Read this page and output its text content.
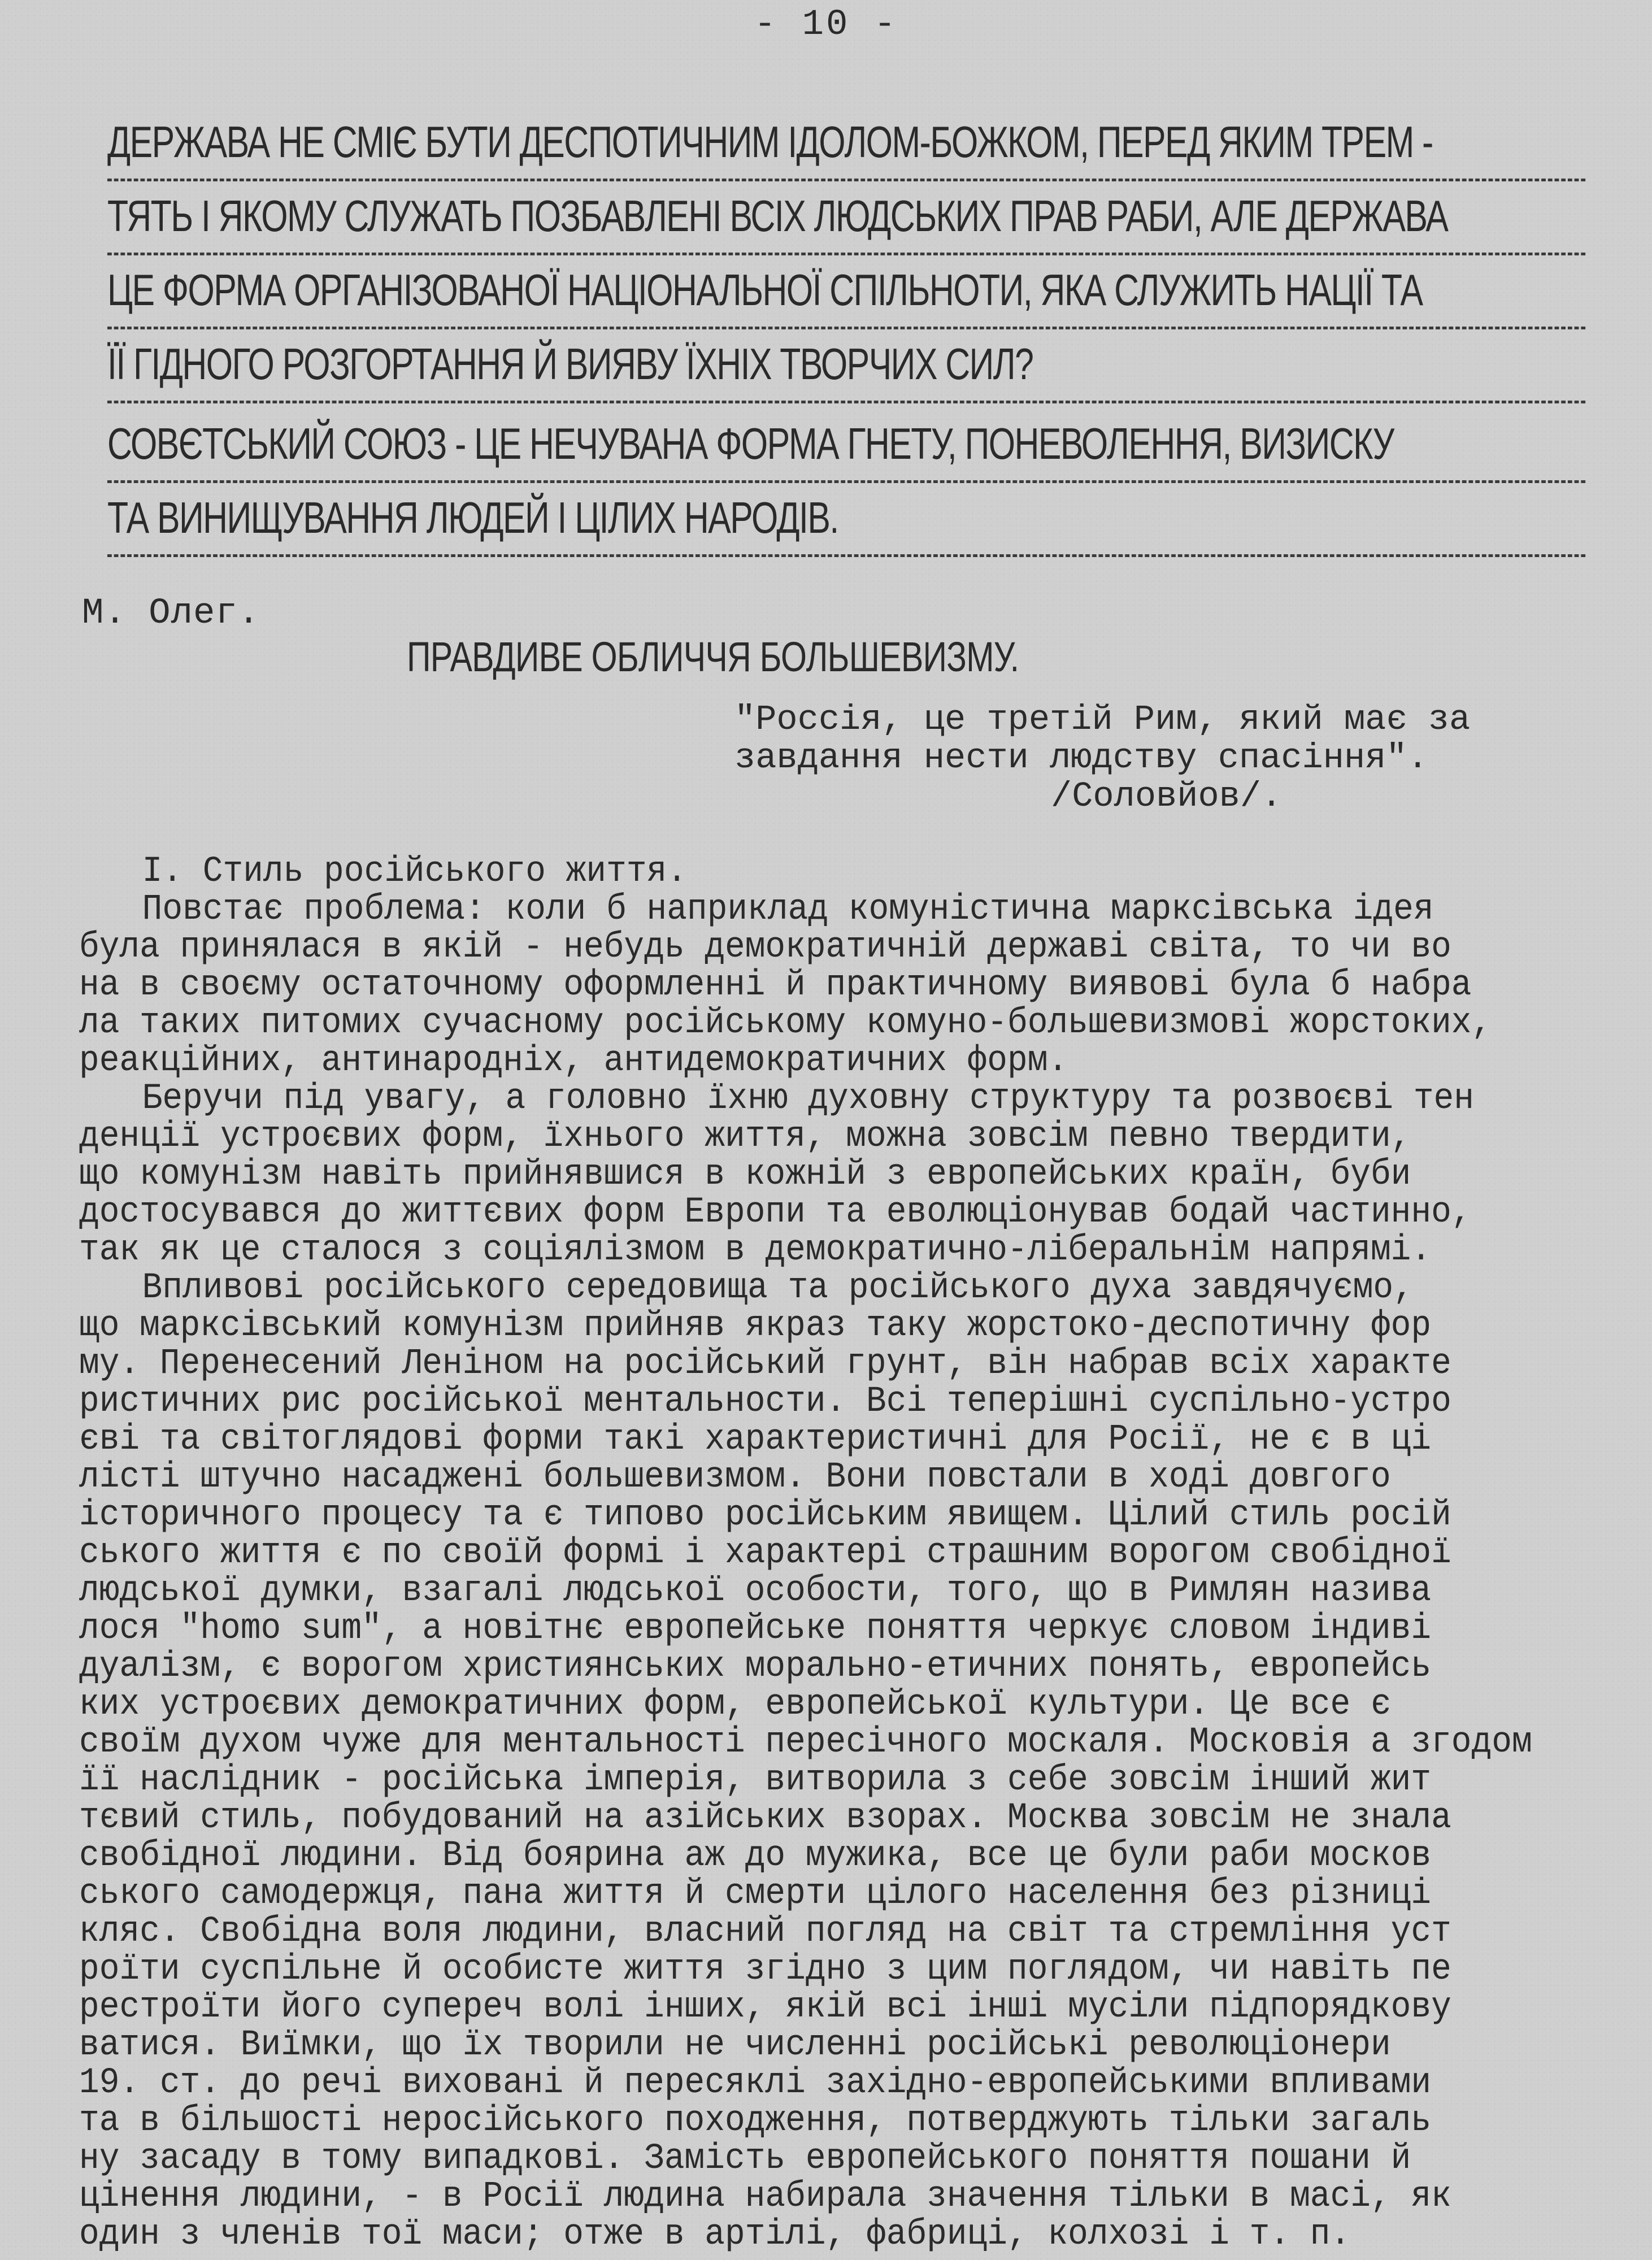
- 10 -
ДЕРЖАВА НЕ СМІЄ БУТИ ДЕСПОТИЧНИМ ІДОЛОМ-БОЖКОМ, ПЕРЕД ЯКИМ ТРЕМ -
ТЯТЬ І ЯКОМУ СЛУЖАТЬ ПОЗБАВЛЕНІ ВСІХ ЛЮДСЬКИХ ПРАВ РАБИ, АЛЕ ДЕРЖАВА
ЦЕ ФОРМА ОРГАНІЗОВАНОЇ НАЦІОНАЛЬНОЇ СПІЛЬНОТИ, ЯКА СЛУЖИТЬ НАЦІЇ ТА
ЇЇ ГІДНОГО РОЗГОРТАННЯ Й ВИЯВУ ЇХНІХ ТВОРЧИХ СИЛ?
СОВЄТСЬКИЙ СОЮЗ - ЦЕ НЕЧУВАНА ФОРМА ГНЕТУ, ПОНЕВОЛЕННЯ, ВИЗИСКУ
ТА ВИНИЩУВАННЯ ЛЮДЕЙ І ЦІЛИХ НАРОДІВ.
М. Олег.
ПРАВДИВЕ ОБЛИЧЧЯ БОЛЬШЕВИЗМУ.
"Россія, це третій Рим, який має за
завдання нести людству спасіння".
/Соловйов/.
І. Стиль російського життя.
Повстає проблема: коли б наприклад комуністична марксівська ідея
була принялася в якій - небудь демократичній державі світа, то чи во
на в своєму остаточному оформленні й практичному виявові була б набра
ла таких питомих сучасному російському комуно-большевизмові жорстоких,
реакційних, антинародніх, антидемократичних форм.
Беручи під увагу, а головно їхню духовну структуру та розвоєві тен
денції устроєвих форм, їхнього життя, можна зовсім певно твердити,
що комунізм навіть прийнявшися в кожній з европейських країн, буби
достосувався до життєвих форм Европи та еволюціонував бодай частинно,
так як це сталося з соціялізмом в демократично-ліберальнім напрямі.
Впливові російського середовища та російського духа завдячуємо,
що марксівський комунізм прийняв якраз таку жорстоко-деспотичну фор
му. Перенесений Леніном на російський грунт, він набрав всіх характе
ристичних рис російської ментальности. Всі теперішні суспільно-устро
єві та світоглядові форми такі характеристичні для Росії, не є в ці
лісті штучно насаджені большевизмом. Вони повстали в ході довгого
історичного процесу та є типово російським явищем. Цілий стиль росій
ського життя є по своїй формі і характері страшним ворогом свобідної
людської думки, взагалі людської особости, того, що в Римлян назива
лося "homo sum", а новітнє европейське поняття черкує словом індиві
дуалізм, є ворогом християнських морально-етичних понять, европейсь
ких устроєвих демократичних форм, европейської культури. Це все є
своїм духом чуже для ментальності пересічного москаля. Московія а згодом
її наслідник - російська імперія, витворила з себе зовсім інший жит
тєвий стиль, побудований на азійських взорах. Москва зовсім не знала
свобідної людини. Від боярина аж до мужика, все це були раби москов
ського самодержця, пана життя й смерти цілого населення без різниці
кляс. Свобідна воля людини, власний погляд на світ та стремління уст
роїти суспільне й особисте життя згідно з цим поглядом, чи навіть пе
рестроїти його супереч волі інших, якій всі інші мусіли підпорядкову
ватися. Виїмки, що їх творили не численні російські революціонери
19. ст. до речі виховані й пересяклі західно-европейськими впливами
та в більшості неросійського походження, потверджують тільки загаль
ну засаду в тому випадкові. Замість европейського поняття пошани й
цінення людини, - в Росії людина набирала значення тільки в масі, як
один з членів тої маси; отже в артілі, фабриці, колхозі і т. п.
